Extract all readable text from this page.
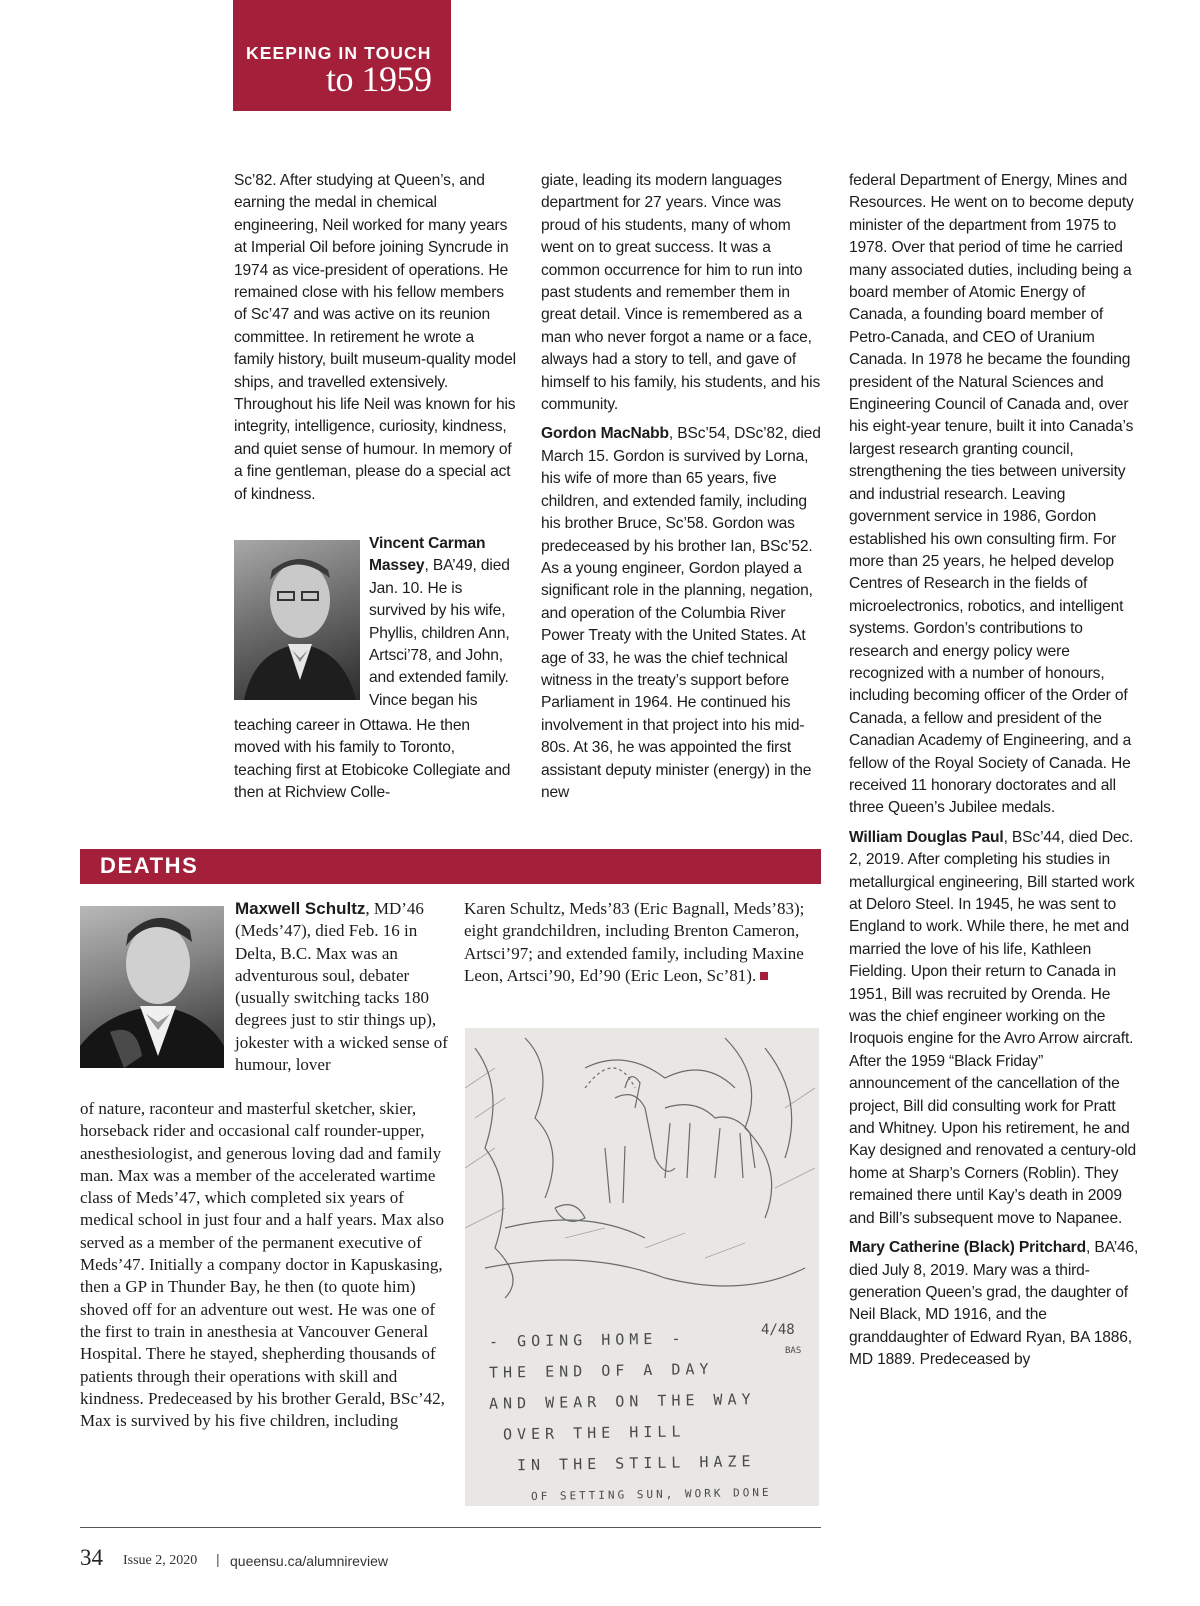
KEEPING IN TOUCH
to 1959

Sc’82. After studying at Queen’s, and earning the medal in chemical engineering, Neil worked for many years at Imperial Oil before joining Syncrude in 1974 as vice-president of operations. He remained close with his fellow members of Sc’47 and was active on its reunion committee. In retirement he wrote a family history, built museum-quality model ships, and travelled extensively. Throughout his life Neil was known for his integrity, intelligence, curiosity, kindness, and quiet sense of humour. In memory of a fine gentleman, please do a special act of kindness.

Vincent Carman Massey, BA’49, died Jan. 10. He is survived by his wife, Phyllis, children Ann, Artsci’78, and John, and extended family. Vince began his

teaching career in Ottawa. He then moved with his family to Toronto, teaching first at Etobicoke Collegiate and then at Richview Colle-

giate, leading its modern languages department for 27 years. Vince was proud of his students, many of whom went on to great success. It was a common occurrence for him to run into past students and remember them in great detail. Vince is remembered as a man who never forgot a name or a face, always had a story to tell, and gave of himself to his family, his students, and his community.

Gordon MacNabb, BSc’54, DSc’82, died March 15. Gordon is survived by Lorna, his wife of more than 65 years, five children, and extended family, including his brother Bruce, Sc’58. Gordon was predeceased by his brother Ian, BSc’52. As a young engineer, Gordon played a significant role in the planning, negation, and operation of the Columbia River Power Treaty with the United States. At age of 33, he was the chief technical witness in the treaty’s support before Parliament in 1964. He continued his involvement in that project into his mid-80s. At 36, he was appointed the first assistant deputy minister (energy) in the new

federal Department of Energy, Mines and Resources. He went on to become deputy minister of the department from 1975 to 1978. Over that period of time he carried many associated duties, including being a board member of Atomic Energy of Canada, a founding board member of Petro-Canada, and CEO of Uranium Canada. In 1978 he became the founding president of the Natural Sciences and Engineering Council of Canada and, over his eight-year tenure, built it into Canada’s largest research granting council, strengthening the ties between university and industrial research. Leaving government service in 1986, Gordon established his own consulting firm. For more than 25 years, he helped develop Centres of Research in the fields of microelectronics, robotics, and intelligent systems. Gordon’s contributions to research and energy policy were recognized with a number of honours, including becoming officer of the Order of Canada, a fellow and president of the Canadian Academy of Engineering, and a fellow of the Royal Society of Canada. He received 11 honorary doctorates and all three Queen’s Jubilee medals.

William Douglas Paul, BSc’44, died Dec. 2, 2019. After completing his studies in metallurgical engineering, Bill started work at Deloro Steel. In 1945, he was sent to England to work. While there, he met and married the love of his life, Kathleen Fielding. Upon their return to Canada in 1951, Bill was recruited by Orenda. He was the chief engineer working on the Iroquois engine for the Avro Arrow aircraft. After the 1959 “Black Friday” announcement of the cancellation of the project, Bill did consulting work for Pratt and Whitney. Upon his retirement, he and Kay designed and renovated a century-old home at Sharp’s Corners (Roblin). They remained there until Kay’s death in 2009 and Bill’s subsequent move to Napanee.

Mary Catherine (Black) Pritchard, BA’46, died July 8, 2019. Mary was a third-generation Queen’s grad, the daughter of Neil Black, MD 1916, and the granddaughter of Edward Ryan, BA 1886, MD 1889. Predeceased by

DEATHS

Maxwell Schultz, MD’46 (Meds’47), died Feb. 16 in Delta, B.C. Max was an adventurous soul, debater (usually switching tacks 180 degrees just to stir things up), jokester with a wicked sense of humour, lover

of nature, raconteur and masterful sketcher, skier, horseback rider and occasional calf rounder-upper, anesthesiologist, and generous loving dad and family man. Max was a member of the accelerated wartime class of Meds’47, which completed six years of medical school in just four and a half years. Max also served as a member of the permanent executive of Meds’47. Initially a company doctor in Kapuskasing, then a GP in Thunder Bay, he then (to quote him) shoved off for an adventure out west. He was one of the first to train in anesthesia at Vancouver General Hospital. There he stayed, shepherding thousands of patients through their operations with skill and kindness. Predeceased by his brother Gerald, BSc’42, Max is survived by his five children, including

Karen Schultz, Meds’83 (Eric Bagnall, Meds’83); eight grandchildren, including Brenton Cameron, Artsci’97; and extended family, including Maxine Leon, Artsci’90, Ed’90 (Eric Leon, Sc’81).

- GOING HOME -
THE END OF A DAY
AND WEAR ON THE WAY
OVER THE HILL
IN THE STILL HAZE
OF SETTING SUN, WORK DONE
4/48
BAS
34 Issue 2, 2020 | queensu.ca/alumnireview
